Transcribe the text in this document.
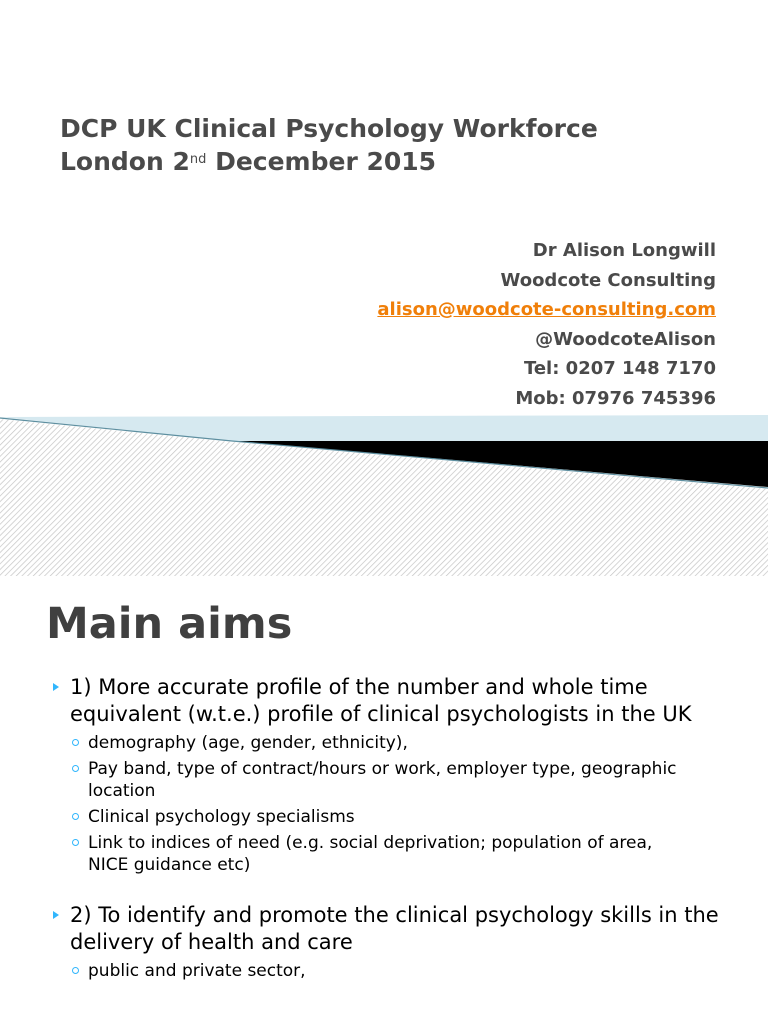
DCP UK Clinical Psychology Workforce
London 2nd December 2015
Dr Alison Longwill
Woodcote Consulting
alison@woodcote-consulting.com
@WoodcoteAlison
Tel: 0207 148 7170
Mob: 07976 745396
Main aims
1) More accurate profile of the number and whole time equivalent (w.t.e.) profile of clinical psychologists in the UK
demography (age, gender, ethnicity),
Pay band, type of contract/hours or work, employer type, geographic location
Clinical psychology specialisms
Link to indices of need (e.g. social deprivation; population of area, NICE guidance etc)
2) To identify and promote the clinical psychology skills in the delivery of health and care
public and private sector,
